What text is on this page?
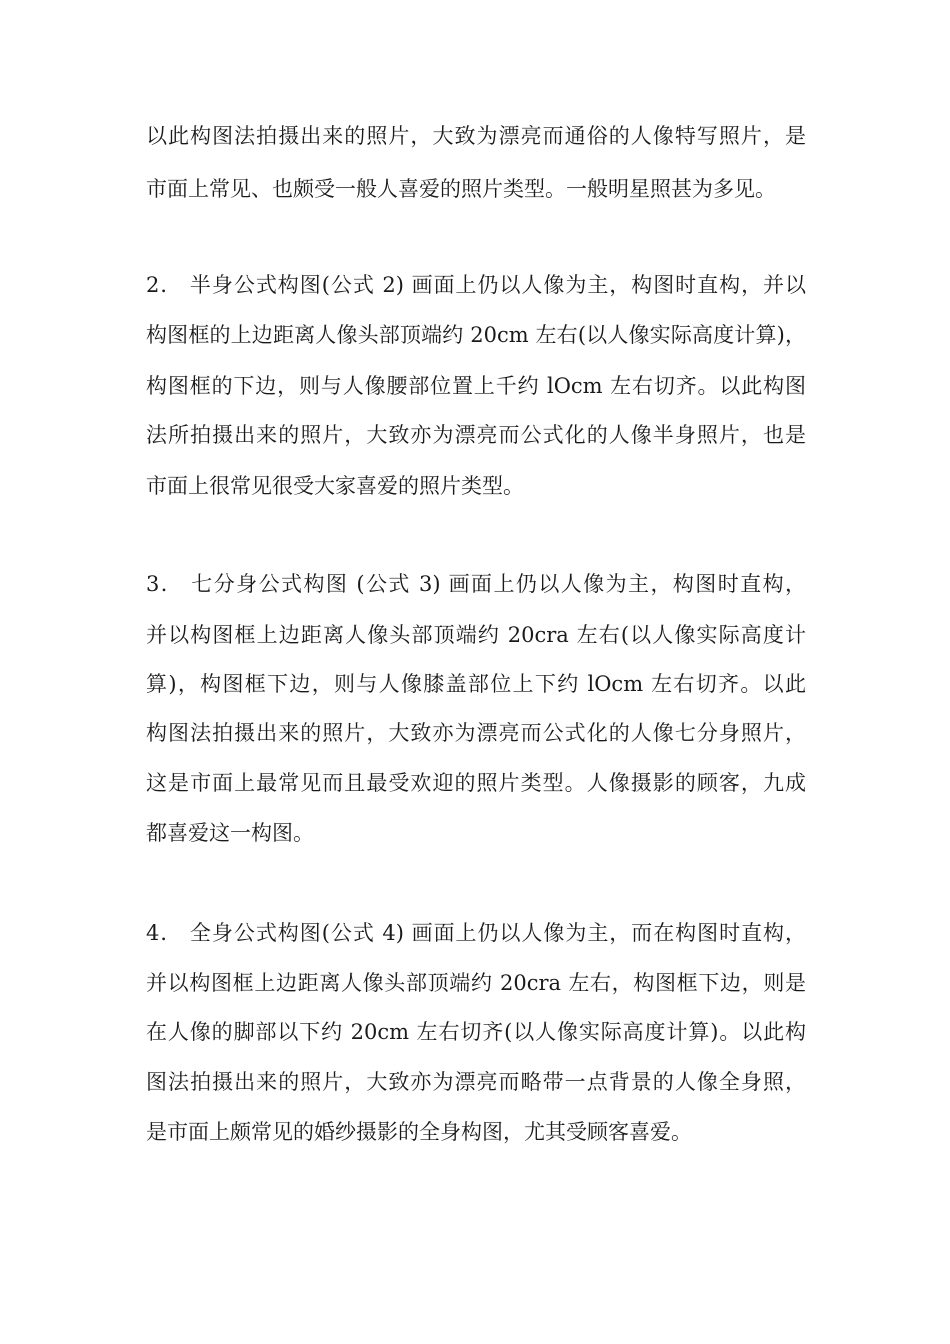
以此构图法拍摄出来的照片，大致为漂亮而通俗的人像特写照片，是
市面上常见、也颇受一般人喜爱的照片类型。一般明星照甚为多见。
2． 半身公式构图(公式 2) 画面上仍以人像为主，构图时直构，并以
构图框的上边距离人像头部顶端约 20cm 左右(以人像实际高度计算)，
构图框的下边，则与人像腰部位置上千约 lOcm 左右切齐。以此构图
法所拍摄出来的照片，大致亦为漂亮而公式化的人像半身照片，也是
市面上很常见很受大家喜爱的照片类型。
3． 七分身公式构图 (公式 3) 画面上仍以人像为主，构图时直构，
并以构图框上边距离人像头部顶端约 20cra 左右(以人像实际高度计
算)，构图框下边，则与人像膝盖部位上下约 lOcm 左右切齐。以此
构图法拍摄出来的照片，大致亦为漂亮而公式化的人像七分身照片，
这是市面上最常见而且最受欢迎的照片类型。人像摄影的顾客，九成
都喜爱这一构图。
4． 全身公式构图(公式 4) 画面上仍以人像为主，而在构图时直构，
并以构图框上边距离人像头部顶端约 20cra 左右，构图框下边，则是
在人像的脚部以下约 20cm 左右切齐(以人像实际高度计算)。以此构
图法拍摄出来的照片，大致亦为漂亮而略带一点背景的人像全身照，
是市面上颇常见的婚纱摄影的全身构图，尤其受顾客喜爱。
